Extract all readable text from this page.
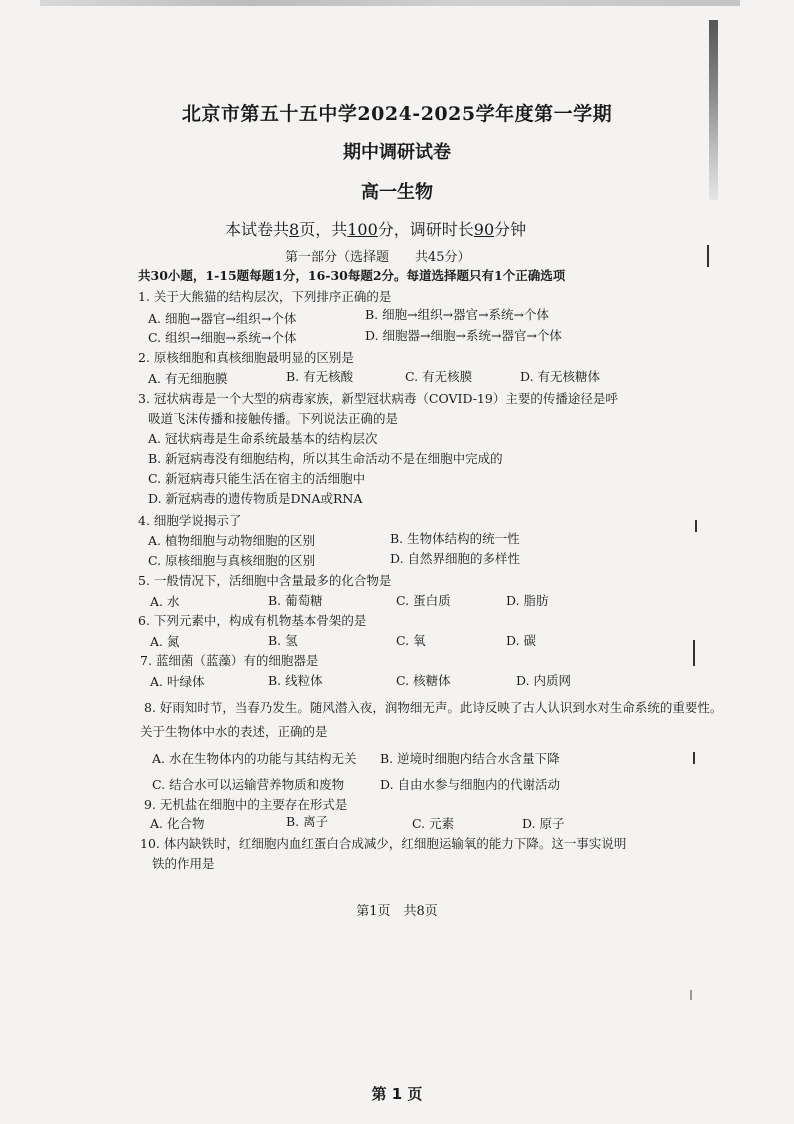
北京市第五十五中学2024-2025学年度第一学期
期中调研试卷
高一生物
本试卷共8页，共100分，调研时长90分钟
第一部分（选择题　　共45分）
共30小题，1-15题每题1分，16-30每题2分。每道选择题只有1个正确选项
1. 关于大熊猫的结构层次，下列排序正确的是
A. 细胞→器官→组织→个体	B. 细胞→组织→器官→系统→个体
C. 组织→细胞→系统→个体	D. 细胞器→细胞→系统→器官→个体
2. 原核细胞和真核细胞最明显的区别是
A. 有无细胞膜	B. 有无核酸	C. 有无核膜	D. 有无核糖体
3. 冠状病毒是一个大型的病毒家族，新型冠状病毒（COVID-19）主要的传播途径是呼
吸道飞沫传播和接触传播。下列说法正确的是
A. 冠状病毒是生命系统最基本的结构层次
B. 新冠病毒没有细胞结构，所以其生命活动不是在细胞中完成的
C. 新冠病毒只能生活在宿主的活细胞中
D. 新冠病毒的遗传物质是DNA或RNA
4. 细胞学说揭示了
A. 植物细胞与动物细胞的区别	B. 生物体结构的统一性
C. 原核细胞与真核细胞的区别	D. 自然界细胞的多样性
5. 一般情况下，活细胞中含量最多的化合物是
A. 水	B. 葡萄糖	C. 蛋白质	D. 脂肪
6. 下列元素中，构成有机物基本骨架的是
A. 氮	B. 氢	C. 氧	D. 碳
7. 蓝细菌（蓝藻）有的细胞器是
A. 叶绿体	B. 线粒体	C. 核糖体	D. 内质网
8. 好雨知时节，当春乃发生。随风潜入夜，润物细无声。此诗反映了古人认识到水对生命系统的重要性。
关于生物体中水的表述，正确的是
A. 水在生物体内的功能与其结构无关 B. 逆境时细胞内结合水含量下降
C. 结合水可以运输营养物质和废物	D. 自由水参与细胞内的代谢活动
9. 无机盐在细胞中的主要存在形式是
A. 化合物	B. 离子	C. 元素	D. 原子
10. 体内缺铁时，红细胞内血红蛋白合成减少，红细胞运输氧的能力下降。这一事实说明
铁的作用是
第1页　共8页
第 1 页
